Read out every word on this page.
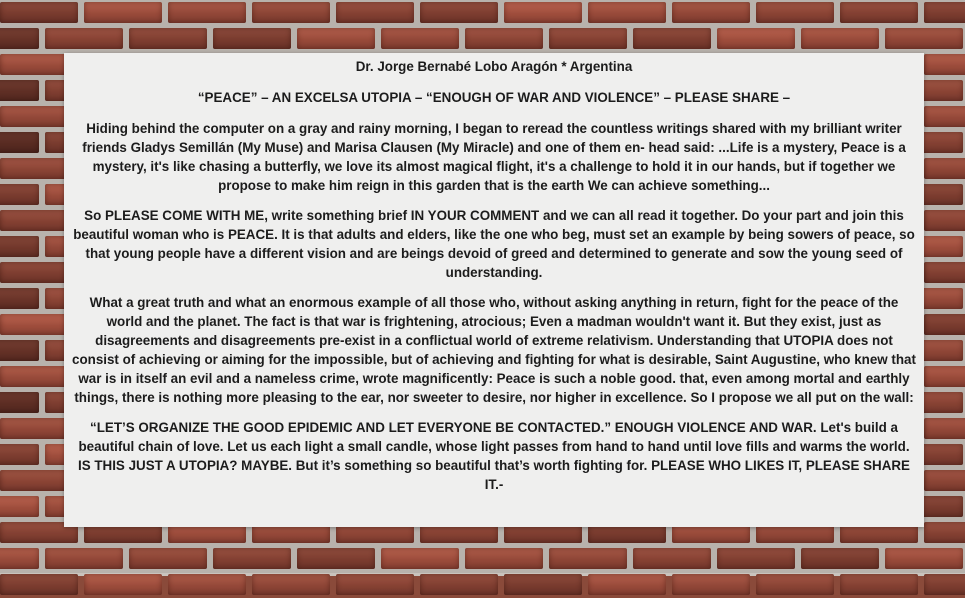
Dr. Jorge Bernabé Lobo Aragón * Argentina

“PEACE” – AN EXCELSA UTOPIA – “ENOUGH OF WAR AND VIOLENCE” – PLEASE SHARE –

Hiding behind the computer on a gray and rainy morning, I began to reread the countless writings shared with my brilliant writer friends Gladys Semillán (My Muse) and Marisa Clausen (My Miracle) and one of them en- head said: ...Life is a mystery, Peace is a mystery, it's like chasing a butterfly, we love its almost magical flight, it's a challenge to hold it in our hands, but if together we propose to make him reign in this garden that is the earth We can achieve something...

So PLEASE COME WITH ME, write something brief IN YOUR COMMENT and we can all read it together. Do your part and join this beautiful woman who is PEACE. It is that adults and elders, like the one who beg, must set an example by being sowers of peace, so that young people have a different vision and are beings devoid of greed and determined to generate and sow the young seed of understanding.

What a great truth and what an enormous example of all those who, without asking anything in return, fight for the peace of the world and the planet. The fact is that war is frightening, atrocious; Even a madman wouldn't want it. But they exist, just as disagreements and disagreements pre-exist in a conflictual world of extreme relativism. Understanding that UTOPIA does not consist of achieving or aiming for the impossible, but of achieving and fighting for what is desirable, Saint Augustine, who knew that war is in itself an evil and a nameless crime, wrote magnificently: Peace is such a noble good. that, even among mortal and earthly things, there is nothing more pleasing to the ear, nor sweeter to desire, nor higher in excellence. So I propose we all put on the wall:

“LET’S ORGANIZE THE GOOD EPIDEMIC AND LET EVERYONE BE CONTACTED.” ENOUGH VIOLENCE AND WAR. Let's build a beautiful chain of love. Let us each light a small candle, whose light passes from hand to hand until love fills and warms the world. IS THIS JUST A UTOPIA? MAYBE. But it’s something so beautiful that’s worth fighting for. PLEASE WHO LIKES IT, PLEASE SHARE IT.-
